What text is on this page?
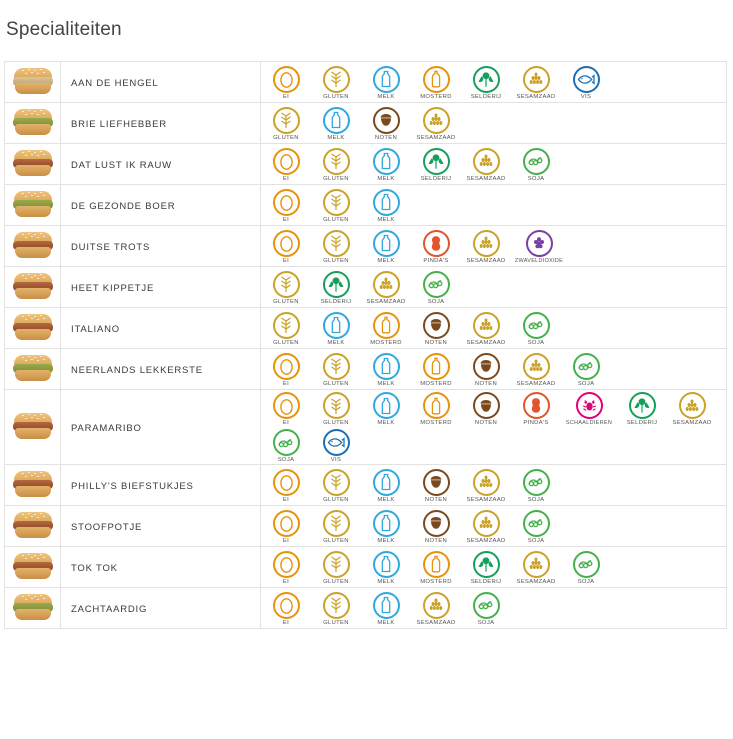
Specialiteiten
	AAN DE HENGEL	
EI	GLUTEN	MELK	MOSTERD	SELDERIJ	SESAMZAAD	VIS

	BRIE LIEFHEBBER	GLUTEN MELK NOTEN SESAMZAAD

	DAT LUST IK RAUW	
EI	GLUTEN	MELK	SELDERIJ	SESAMZAAD	SOJA

	DE GEZONDE BOER	EI GLUTEN MELK

	DUITSE TROTS	
EI	GLUTEN	MELK	PINDA'S	SESAMZAAD	ZWAVELDIOXIDE

	HEET KIPPETJE	GLUTEN SELDERIJ SESAMZAAD SOJA

	ITALIANO	
GLUTEN	MELK	MOSTERD	NOTEN	SESAMZAAD	SOJA

	NEERLANDS LEKKERSTE	
EI	GLUTEN	MELK	MOSTERD	NOTEN	SESAMZAAD	SOJA

	PARAMARIBO	EI	GLUTEN	MELK	MOSTERD	NOTEN	PINDA'S	SCHAALDIEREN	SELDERIJ	SESAMZAAD
SOJA	VIS

	PHILLY'S BIEFSTUKJES	
EI	GLUTEN	MELK	NOTEN	SESAMZAAD	SOJA

	STOOFPOTJE	
EI	GLUTEN	MELK	NOTEN	SESAMZAAD	SOJA

	TOK TOK	
EI	GLUTEN	MELK	MOSTERD	SELDERIJ	SESAMZAAD	SOJA

	ZACHTAARDIG	EI GLUTEN MELK SESAMZAAD SOJA
